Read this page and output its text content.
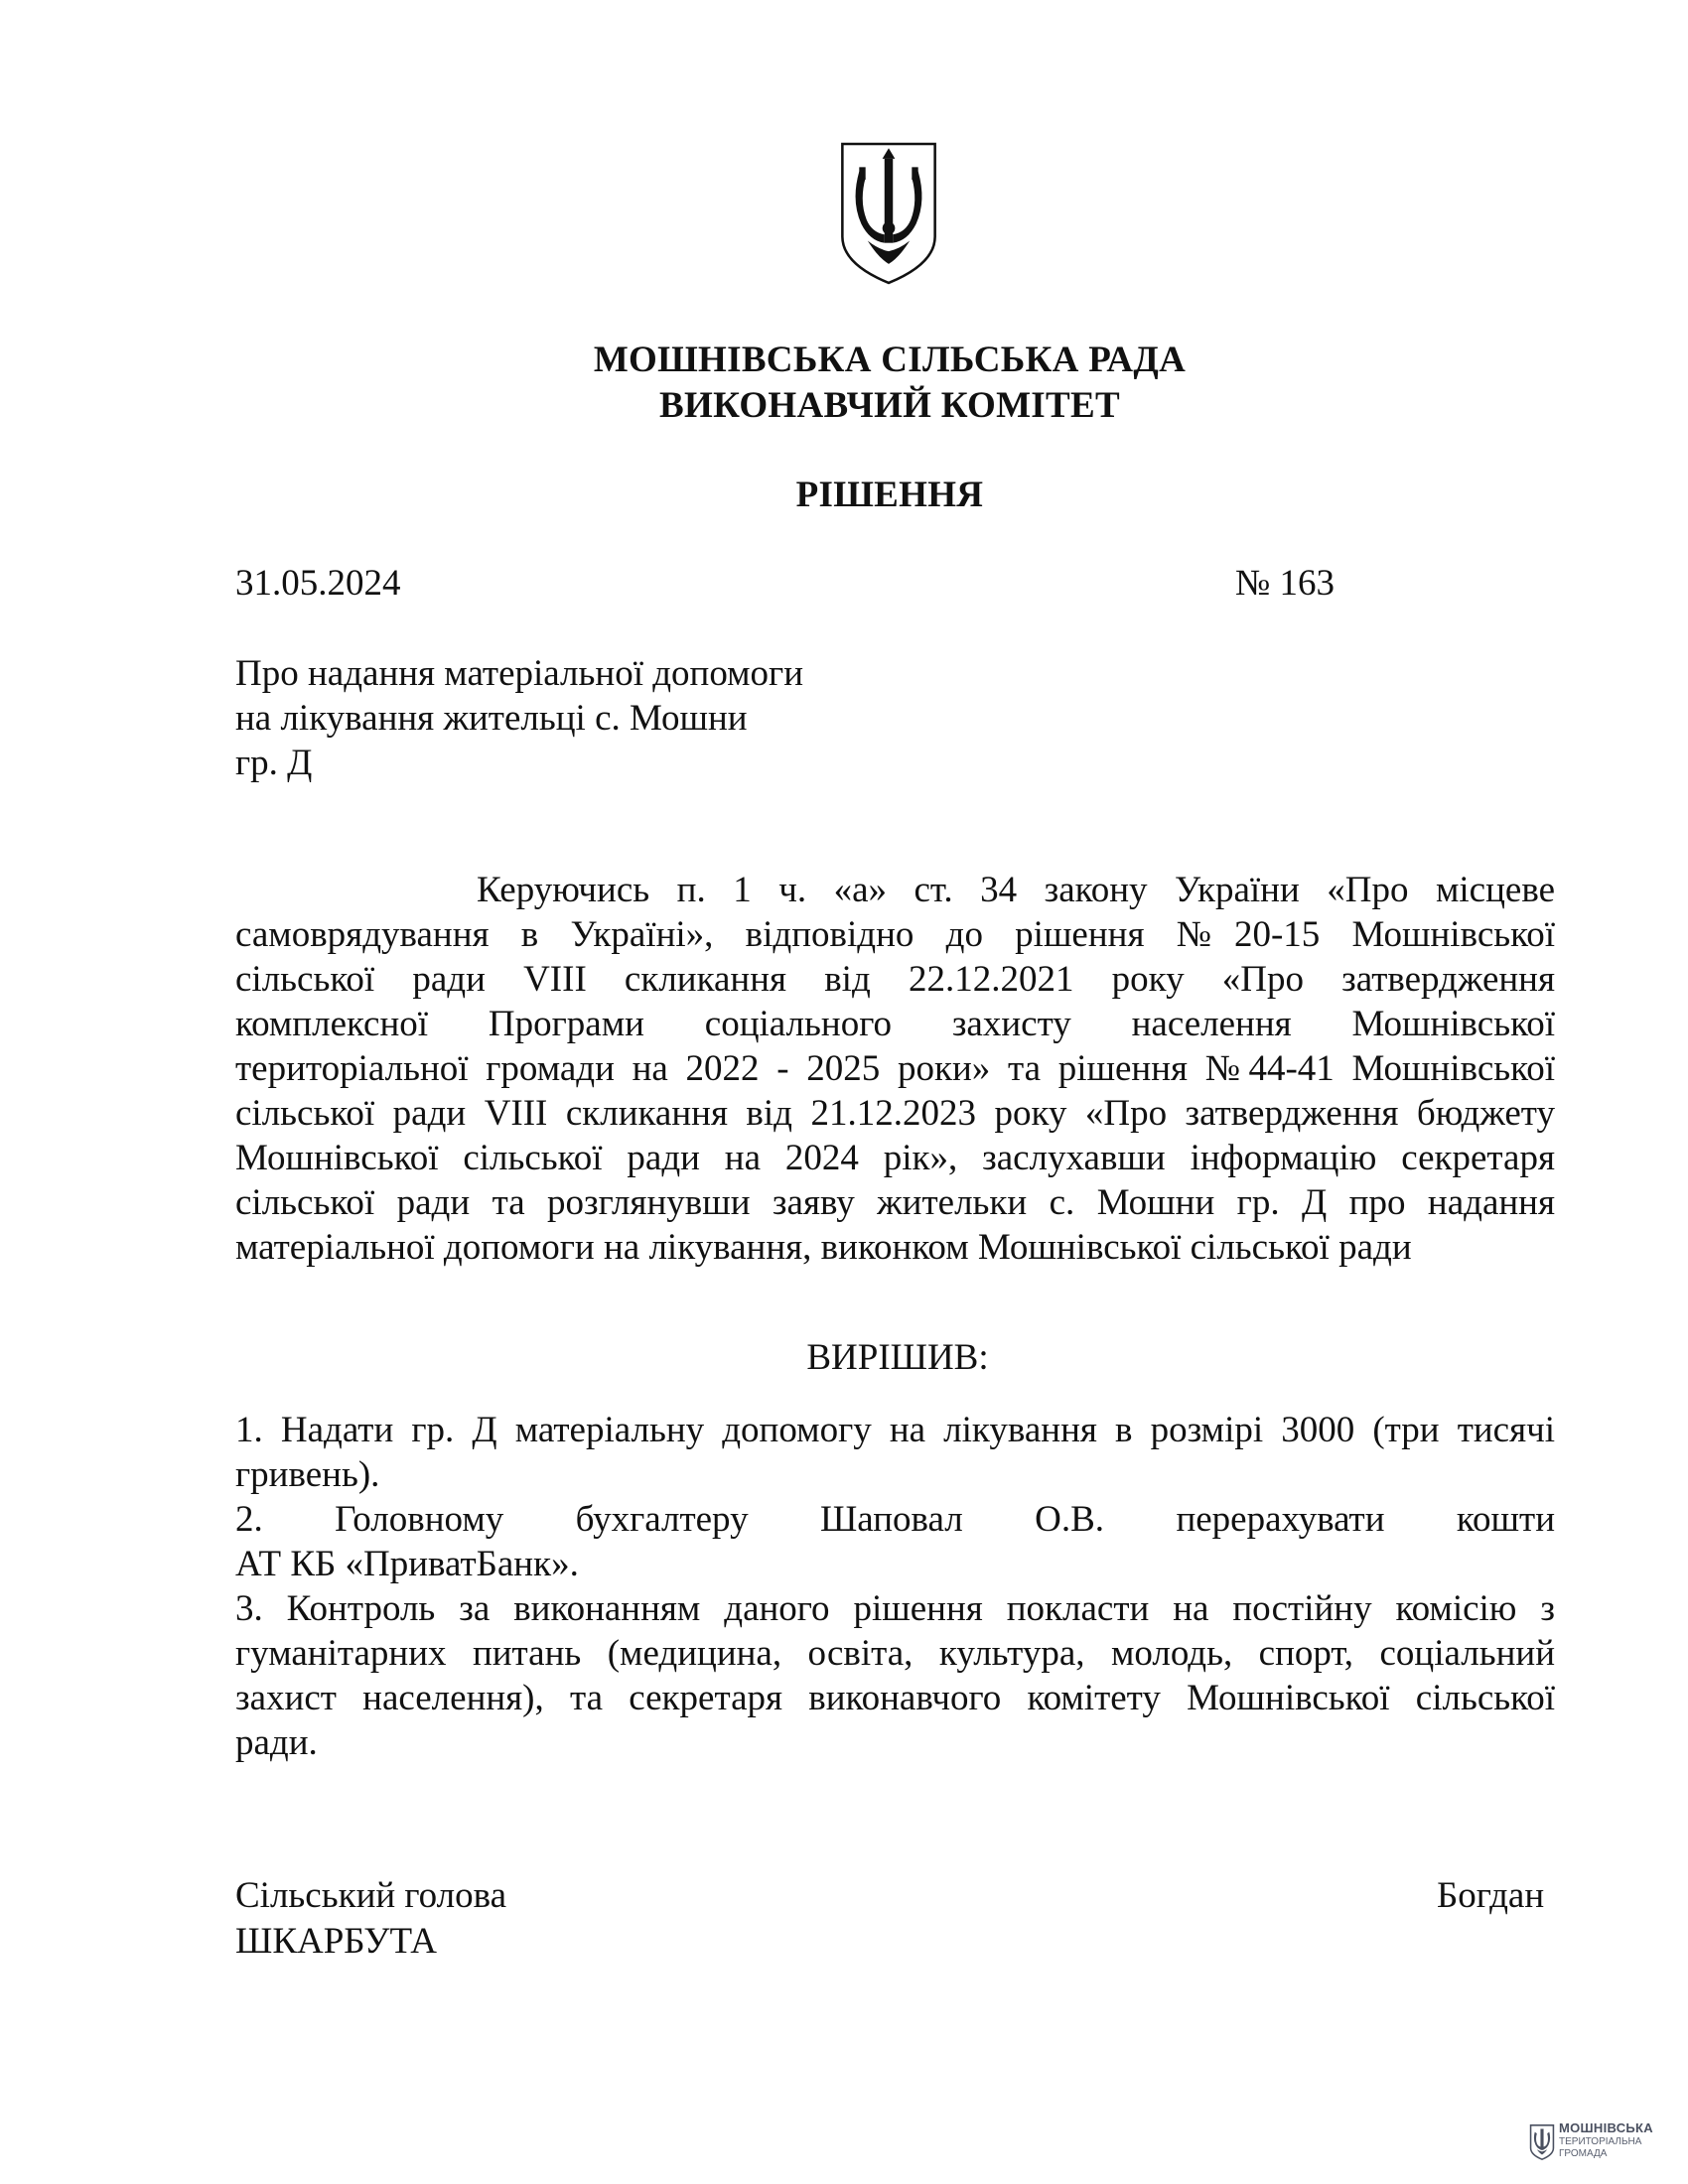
МОШНІВСЬКА СІЛЬСЬКА РАДА
ВИКОНАВЧИЙ КОМІТЕТ
РІШЕННЯ
31.05.2024	№ 163
Про надання матеріальної допомоги
на лікування жительці с. Мошни
гр. Д
Керуючись п. 1 ч. «а» ст. 34 закону України «Про місцеве
самоврядування в Україні», відповідно до рішення №20-15 Мошнівської
сільської ради VIII скликання від 22.12.2021 року «Про затвердження
комплексної Програми соціального захисту населення Мошнівської
територіальної громади на 2022 - 2025 роки» та рішення №44-41 Мошнівської
сільської ради VIII скликання від 21.12.2023 року «Про затвердження бюджету
Мошнівської сільської ради на 2024 рік», заслухавши інформацію секретаря
сільської ради та розглянувши заяву жительки с. Мошни гр. Д про надання
матеріальної допомоги на лікування, виконком Мошнівської сільської ради
ВИРІШИВ:
1. Надати гр. Д матеріальну допомогу на лікування в розмірі 3000 (три тисячі
гривень).
2. Головному бухгалтеру Шаповал О.В. перерахувати кошти
АТ КБ «ПриватБанк».
3. Контроль за виконанням даного рішення покласти на постійну комісію з
гуманітарних питань (медицина, освіта, культура, молодь, спорт, соціальний
захист населення), та секретаря виконавчого комітету Мошнівської сільської
ради.
Сільський голова	Богдан
ШКАРБУТА
МОШНІВСЬКА
ТЕРИТОРІАЛЬНА
ГРОМАДА
